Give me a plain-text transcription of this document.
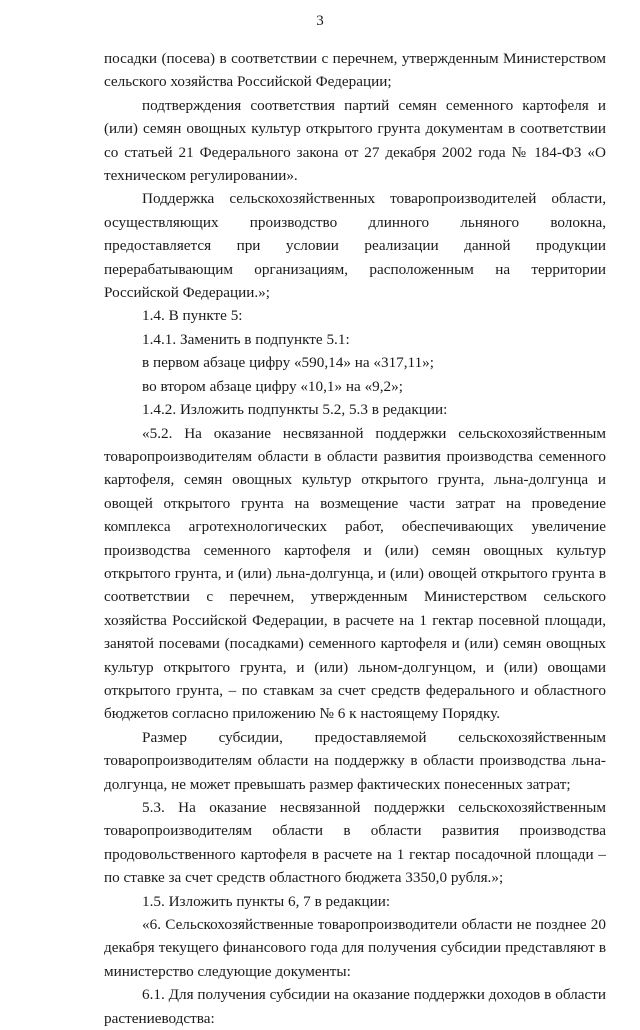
3

посадки (посева) в соответствии с перечнем, утвержденным Министерством сельского хозяйства Российской Федерации;

подтверждения соответствия партий семян семенного картофеля и (или) семян овощных культур открытого грунта документам в соответствии со статьей 21 Федерального закона от 27 декабря 2002 года № 184-ФЗ «О техническом регулировании».

Поддержка сельскохозяйственных товаропроизводителей области, осуществляющих производство длинного льняного волокна, предоставляется при условии реализации данной продукции перерабатывающим организациям, расположенным на территории Российской Федерации.»;

1.4. В пункте 5:

1.4.1. Заменить в подпункте 5.1:

в первом абзаце цифру «590,14» на «317,11»;

во втором абзаце цифру «10,1» на «9,2»;

1.4.2. Изложить подпункты 5.2, 5.3 в редакции:

«5.2. На оказание несвязанной поддержки сельскохозяйственным товаропроизводителям области в области развития производства семенного картофеля, семян овощных культур открытого грунта, льна-долгунца и овощей открытого грунта на возмещение части затрат на проведение комплекса агротехнологических работ, обеспечивающих увеличение производства семенного картофеля и (или) семян овощных культур открытого грунта, и (или) льна-долгунца, и (или) овощей открытого грунта в соответствии с перечнем, утвержденным Министерством сельского хозяйства Российской Федерации, в расчете на 1 гектар посевной площади, занятой посевами (посадками) семенного картофеля и (или) семян овощных культур открытого грунта, и (или) льном-долгунцом, и (или) овощами открытого грунта, – по ставкам за счет средств федерального и областного бюджетов согласно приложению № 6 к настоящему Порядку.

Размер субсидии, предоставляемой сельскохозяйственным товаропроизводителям области на поддержку в области производства льна-долгунца, не может превышать размер фактических понесенных затрат;

5.3. На оказание несвязанной поддержки сельскохозяйственным товаропроизводителям области в области развития производства продовольственного картофеля в расчете на 1 гектар посадочной площади – по ставке за счет средств областного бюджета 3350,0 рубля.»;

1.5. Изложить пункты 6, 7 в редакции:

«6. Сельскохозяйственные товаропроизводители области не позднее 20 декабря текущего финансового года для получения субсидии представляют в министерство следующие документы:

6.1. Для получения субсидии на оказание поддержки доходов в области растениеводства:
